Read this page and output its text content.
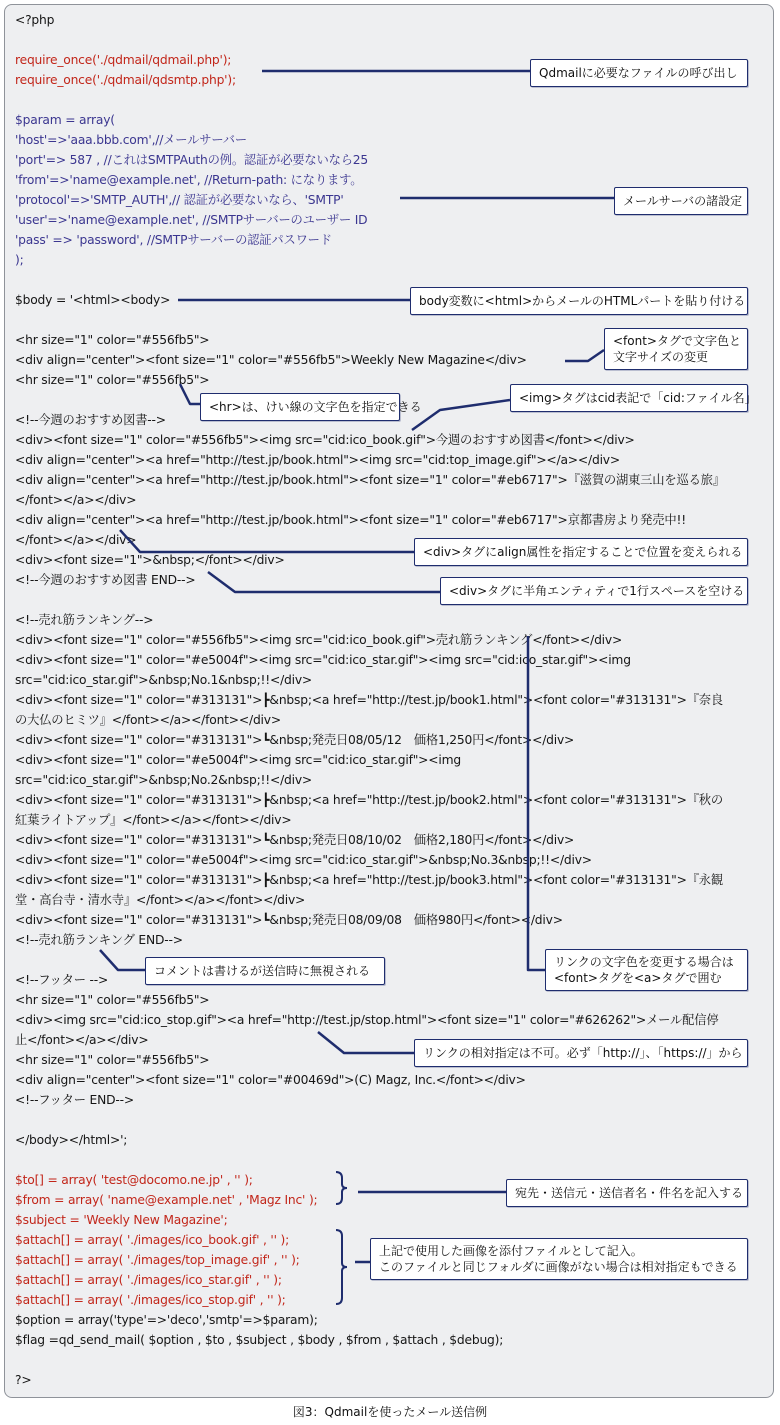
<?php
require_once('./qdmail/qdmail.php');
require_once('./qdmail/qdsmtp.php');
$param = array(
'host'=>'aaa.bbb.com',//メールサーバー
'port'=> 587 , //これはSMTPAuthの例。認証が必要ないなら25
'from'=>'name@example.net', //Return-path: になります。
'protocol'=>'SMTP_AUTH',// 認証が必要ないなら、'SMTP'
'user'=>'name@example.net', //SMTPサーバーのユーザー ID
'pass' => 'password', //SMTPサーバーの認証パスワード
);
$body = '<html><body>
<hr size="1" color="#556fb5">
<div align="center"><font size="1" color="#556fb5">Weekly New Magazine</div>
<hr size="1" color="#556fb5">
<!--今週のおすすめ図書-->
<div><font size="1" color="#556fb5"><img src="cid:ico_book.gif">今週のおすすめ図書</font></div>
<div align="center"><a href="http://test.jp/book.html"><img src="cid:top_image.gif"></a></div>
<div align="center"><a href="http://test.jp/book.html"><font size="1" color="#eb6717">『滋賀の湖東三山を巡る旅』
</font></a></div>
<div align="center"><a href="http://test.jp/book.html"><font size="1" color="#eb6717">京都書房より発売中!!
</font></a></div>
<div><font size="1">&nbsp;</font></div>
<!--今週のおすすめ図書 END-->
<!--売れ筋ランキング-->
<div><font size="1" color="#556fb5"><img src="cid:ico_book.gif">売れ筋ランキング</font></div>
<div><font size="1" color="#e5004f"><img src="cid:ico_star.gif"><img src="cid:ico_star.gif"><img
src="cid:ico_star.gif">&nbsp;No.1&nbsp;!!</div>
<div><font size="1" color="#313131">┣&nbsp;<a href="http://test.jp/book1.html"><font color="#313131">『奈良
の大仏のヒミツ』</font></a></font></div>
<div><font size="1" color="#313131">┗&nbsp;発売日08/05/12　価格1,250円</font></div>
<div><font size="1" color="#e5004f"><img src="cid:ico_star.gif"><img
src="cid:ico_star.gif">&nbsp;No.2&nbsp;!!</div>
<div><font size="1" color="#313131">┣&nbsp;<a href="http://test.jp/book2.html"><font color="#313131">『秋の
紅葉ライトアップ』</font></a></font></div>
<div><font size="1" color="#313131">┗&nbsp;発売日08/10/02　価格2,180円</font></div>
<div><font size="1" color="#e5004f"><img src="cid:ico_star.gif">&nbsp;No.3&nbsp;!!</div>
<div><font size="1" color="#313131">┣&nbsp;<a href="http://test.jp/book3.html"><font color="#313131">『永観
堂・高台寺・清水寺』</font></a></font></div>
<div><font size="1" color="#313131">┗&nbsp;発売日08/09/08　価格980円</font></div>
<!--売れ筋ランキング END-->
<!--フッター -->
<hr size="1" color="#556fb5">
<div><img src="cid:ico_stop.gif"><a href="http://test.jp/stop.html"><font size="1" color="#626262">メール配信停
止</font></a></div>
<hr size="1" color="#556fb5">
<div align="center"><font size="1" color="#00469d">(C) Magz, Inc.</font></div>
<!--フッター END-->
</body></html>';
$to[] = array( 'test@docomo.ne.jp' , '' );
$from = array( 'name@example.net' , 'Magz Inc' );
$subject = 'Weekly New Magazine';
$attach[] = array( './images/ico_book.gif' , '' );
$attach[] = array( './images/top_image.gif' , '' );
$attach[] = array( './images/ico_star.gif' , '' );
$attach[] = array( './images/ico_stop.gif' , '' );
$option = array('type'=>'deco','smtp'=>$param);
$flag =qd_send_mail( $option , $to , $subject , $body , $from , $attach , $debug);
?>
Qdmailに必要なファイルの呼び出し
メールサーバの諸設定
body変数に<html>からメールのHTMLパートを貼り付ける
<font>タグで文字色と
文字サイズの変更
<hr>は、けい線の文字色を指定できる
<img>タグはcid表記で「cid:ファイル名」
<div>タグにalign属性を指定することで位置を変えられる
<div>タグに半角エンティティで1行スペースを空ける
コメントは書けるが送信時に無視される
リンクの文字色を変更する場合は
<font>タグを<a>タグで囲む
リンクの相対指定は不可。必ず「http://」、「https://」から
宛先・送信元・送信者名・件名を記入する
上記で使用した画像を添付ファイルとして記入。
このファイルと同じフォルダに画像がない場合は相対指定もできる
図3：Qdmailを使ったメール送信例
